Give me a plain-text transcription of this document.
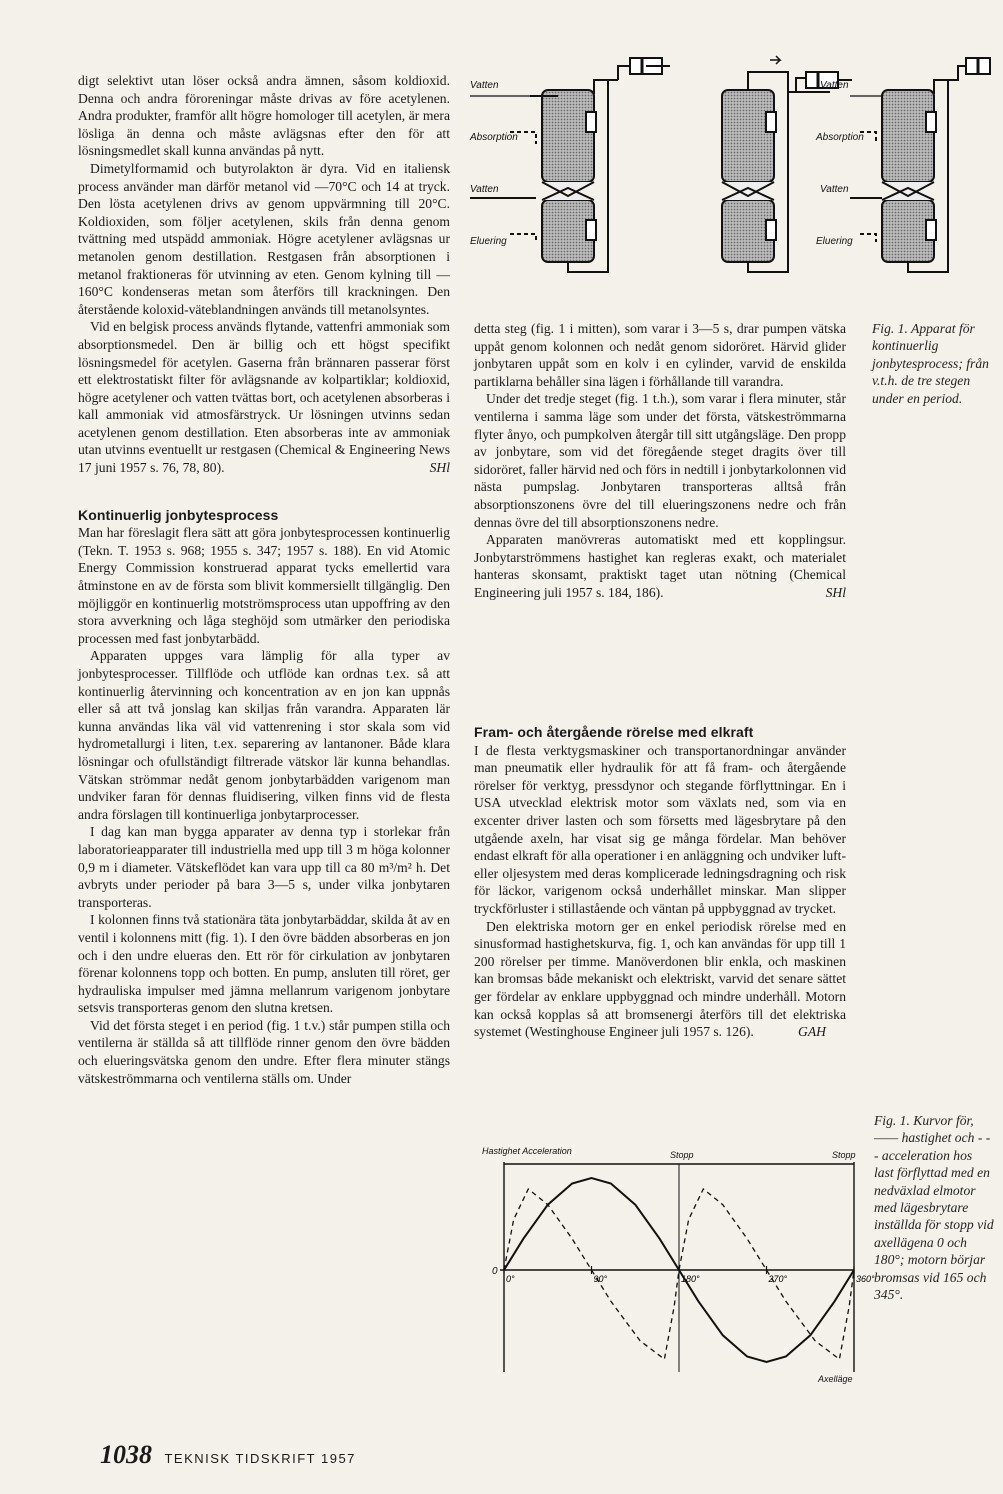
digt selektivt utan löser också andra ämnen, såsom koldioxid. Denna och andra föroreningar måste drivas av före acetylenen. Andra produkter, framför allt högre homologer till acetylen, är mera lösliga än denna och måste avlägsnas efter den för att lösningsmedlet skall kunna användas på nytt.

Dimetylformamid och butyrolakton är dyra. Vid en italiensk process använder man därför metanol vid —70°C och 14 at tryck. Den lösta acetylenen drivs av genom uppvärmning till 20°C. Koldioxiden, som följer acetylenen, skils från denna genom tvättning med utspädd ammoniak. Högre acetylener avlägsnas ur metanolen genom destillation. Restgasen från absorptionen i metanol fraktioneras för utvinning av eten. Genom kylning till —160°C kondenseras metan som återförs till krackningen. Den återstående koloxid-väteblandningen används till metanolsyntes.

Vid en belgisk process används flytande, vattenfri ammoniak som absorptionsmedel. Den är billig och ett högst specifikt lösningsmedel för acetylen. Gaserna från brännaren passerar först ett elektrostatiskt filter för avlägsnande av kolpartiklar; koldioxid, högre acetylener och vatten tvättas bort, och acetylenen absorberas i kall ammoniak vid atmosfärstryck. Ur lösningen utvinns sedan acetylenen genom destillation. Eten absorberas inte av ammoniak utan utvinns eventuellt ur restgasen (Chemical & Engineering News 17 juni 1957 s. 76, 78, 80).	SHl

Kontinuerlig jonbytesprocess

Man har föreslagit flera sätt att göra jonbytesprocessen kontinuerlig (Tekn. T. 1953 s. 968; 1955 s. 347; 1957 s. 188). En vid Atomic Energy Commission konstruerad apparat tycks emellertid vara åtminstone en av de första som blivit kommersiellt tillgänglig. Den möjliggör en kontinuerlig motströmsprocess utan uppoffring av den stora avverkning och låga steghöjd som utmärker den periodiska processen med fast jonbytarbädd.

Apparaten uppges vara lämplig för alla typer av jonbytesprocesser. Tillflöde och utflöde kan ordnas t.ex. så att kontinuerlig återvinning och koncentration av en jon kan uppnås eller så att två jonslag kan skiljas från varandra. Apparaten lär kunna användas lika väl vid vattenrening i stor skala som vid hydrometallurgi i liten, t.ex. separering av lantanoner. Både klara lösningar och ofullständigt filtrerade vätskor lär kunna behandlas. Vätskan strömmar nedåt genom jonbytarbädden varigenom man undviker faran för dennas fluidisering, vilken finns vid de flesta andra förslagen till kontinuerliga jonbytarprocesser.

I dag kan man bygga apparater av denna typ i storlekar från laboratorieapparater till industriella med upp till 3 m höga kolonner 0,9 m i diameter. Vätskeflödet kan vara upp till ca 80 m³/m² h. Det avbryts under perioder på bara 3—5 s, under vilka jonbytaren transporteras.

I kolonnen finns två stationära täta jonbytarbäddar, skilda åt av en ventil i kolonnens mitt (fig. 1). I den övre bädden absorberas en jon och i den undre elueras den. Ett rör för cirkulation av jonbytaren förenar kolonnens topp och botten. En pump, ansluten till röret, ger hydrauliska impulser med jämna mellanrum varigenom jonbytare setsvis transporteras genom den slutna kretsen.

Vid det första steget i en period (fig. 1 t.v.) står pumpen stilla och ventilerna är ställda så att tillflöde rinner genom den övre bädden och elueringsvätska genom den undre. Efter flera minuter stängs vätskeströmmarna och ventilerna ställs om. Under

Vatten
Absorption
Vatten
Eluering
Vatten
Absorption
Vatten
Eluering
Fig. 1. Apparat för kontinuerlig jonbytesprocess; från v.t.h. de tre stegen under en period.

detta steg (fig. 1 i mitten), som varar i 3—5 s, drar pumpen vätska uppåt genom kolonnen och nedåt genom sidoröret. Härvid glider jonbytaren uppåt som en kolv i en cylinder, varvid de enskilda partiklarna behåller sina lägen i förhållande till varandra.

Under det tredje steget (fig. 1 t.h.), som varar i flera minuter, står ventilerna i samma läge som under det första, vätskeströmmarna flyter ånyo, och pumpkolven återgår till sitt utgångsläge. Den propp av jonbytare, som vid det föregående steget dragits över till sidoröret, faller härvid ned och förs in nedtill i jonbytarkolonnen vid nästa pumpslag. Jonbytaren transporteras alltså från absorptionszonens övre del till elueringszonens nedre och från dennas övre del till absorptionszonens nedre.

Apparaten manövreras automatiskt med ett kopplingsur. Jonbytarströmmens hastighet kan regleras exakt, och materialet hanteras skonsamt, praktiskt taget utan nötning (Chemical Engineering juli 1957 s. 184, 186).	SHl

Fram- och återgående rörelse med elkraft

I de flesta verktygsmaskiner och transportanordningar använder man pneumatik eller hydraulik för att få fram- och återgående rörelser för verktyg, pressdynor och stegande förflyttningar. En i USA utvecklad elektrisk motor som växlats ned, som via en excenter driver lasten och som försetts med lägesbrytare på den utgående axeln, har visat sig ge många fördelar. Man behöver endast elkraft för alla operationer i en anläggning och undviker luft- eller oljesystem med deras komplicerade ledningsdragning och risk för läckor, varigenom också underhållet minskar. Man slipper tryckförluster i stillastående och väntan på uppbyggnad av trycket.

Den elektriska motorn ger en enkel periodisk rörelse med en sinusformad hastighetskurva, fig. 1, och kan användas för upp till 1 200 rörelser per timme. Manöverdonen blir enkla, och maskinen kan bromsas både mekaniskt och elektriskt, varvid det senare sättet ger fördelar av enklare uppbyggnad och mindre underhåll. Motorn kan också kopplas så att bromsenergi återförs till det elektriska systemet (Westinghouse Engineer juli 1957 s. 126).	GAH

0°	90°	180°	270°	360°
Hastighet Acceleration
0
Axelläge
Stopp	Stopp
Fig. 1. Kurvor för, —— hastighet och - - - acceleration hos last förflyttad med en nedväxlad elmotor med lägesbrytare inställda för stopp vid axellägena 0 och 180°; motorn börjar bromsas vid 165 och 345°.
1038 TEKNISK TIDSKRIFT 1957
